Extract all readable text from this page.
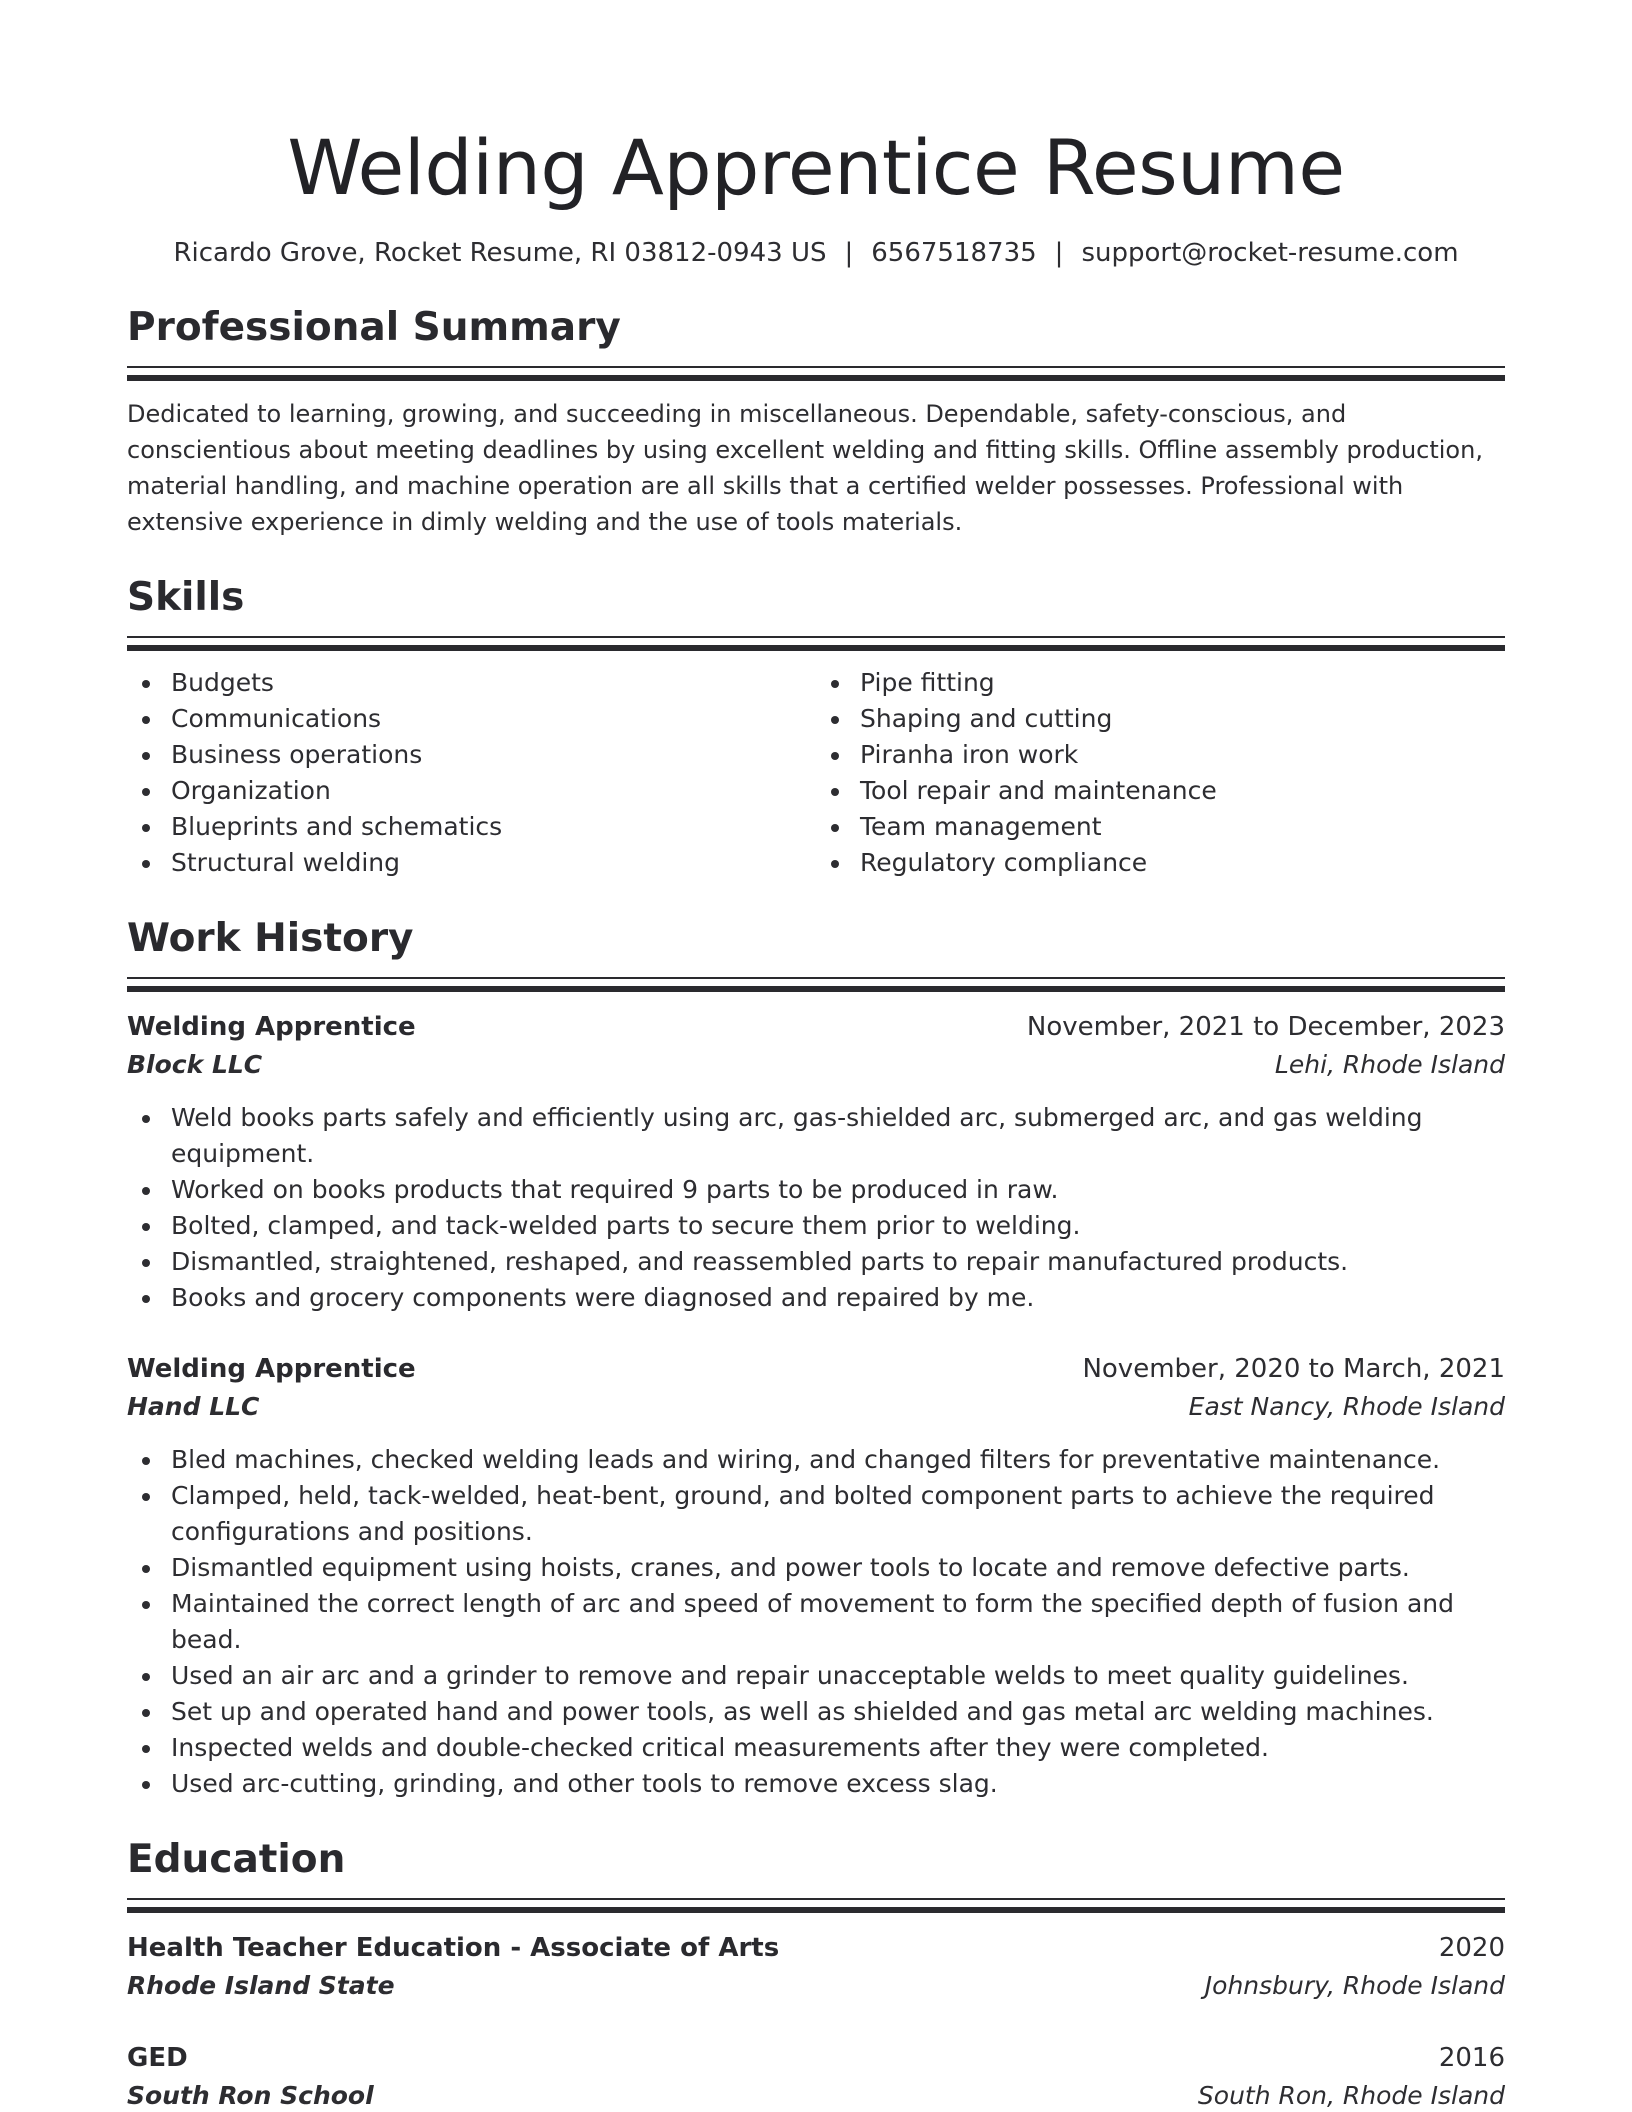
Welding Apprentice Resume
Ricardo Grove, Rocket Resume, RI 03812-0943 US | 6567518735 | support@rocket-resume.com
Professional Summary

Dedicated to learning, growing, and succeeding in miscellaneous. Dependable, safety-conscious, and conscientious about meeting deadlines by using excellent welding and fitting skills. Offline assembly production, material handling, and machine operation are all skills that a certified welder possesses. Professional with extensive experience in dimly welding and the use of tools materials.

Skills
Budgets
Communications
Business operations
Organization
Blueprints and schematics
Structural welding
Pipe fitting
Shaping and cutting
Piranha iron work
Tool repair and maintenance
Team management
Regulatory compliance
Work History
Welding Apprentice	November, 2021 to December, 2023
Block LLC	Lehi, Rhode Island
Weld books parts safely and efficiently using arc, gas-shielded arc, submerged arc, and gas welding equipment.
Worked on books products that required 9 parts to be produced in raw.
Bolted, clamped, and tack-welded parts to secure them prior to welding.
Dismantled, straightened, reshaped, and reassembled parts to repair manufactured products.
Books and grocery components were diagnosed and repaired by me.
Welding Apprentice	November, 2020 to March, 2021
Hand LLC	East Nancy, Rhode Island
Bled machines, checked welding leads and wiring, and changed filters for preventative maintenance.
Clamped, held, tack-welded, heat-bent, ground, and bolted component parts to achieve the required configurations and positions.
Dismantled equipment using hoists, cranes, and power tools to locate and remove defective parts.
Maintained the correct length of arc and speed of movement to form the specified depth of fusion and bead.
Used an air arc and a grinder to remove and repair unacceptable welds to meet quality guidelines.
Set up and operated hand and power tools, as well as shielded and gas metal arc welding machines.
Inspected welds and double-checked critical measurements after they were completed.
Used arc-cutting, grinding, and other tools to remove excess slag.
Education
Health Teacher Education - Associate of Arts	2020
Rhode Island State	Johnsbury, Rhode Island
GED	2016
South Ron School	South Ron, Rhode Island
